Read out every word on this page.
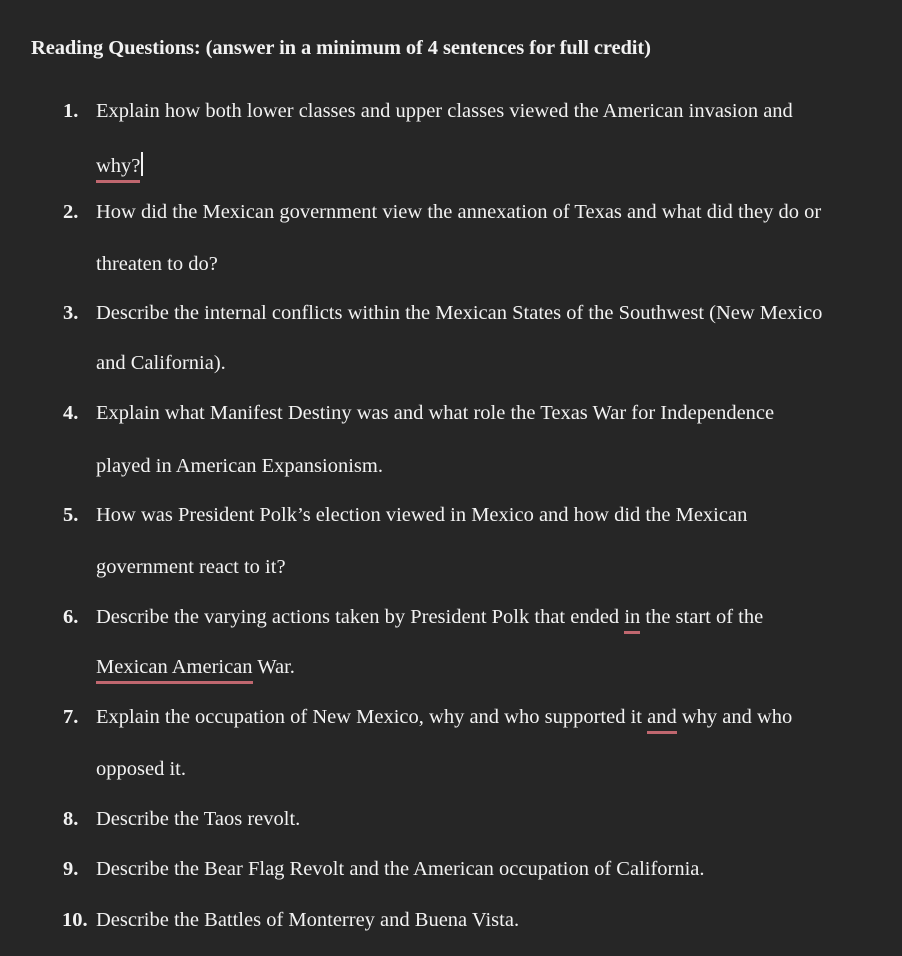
Reading Questions: (answer in a minimum of 4 sentences for full credit)
1. Explain how both lower classes and upper classes viewed the American invasion and
why?
2. How did the Mexican government view the annexation of Texas and what did they do or
threaten to do?
3. Describe the internal conflicts within the Mexican States of the Southwest (New Mexico
and California).
4. Explain what Manifest Destiny was and what role the Texas War for Independence
played in American Expansionism.
5. How was President Polk’s election viewed in Mexico and how did the Mexican
government react to it?
6. Describe the varying actions taken by President Polk that ended in the start of the
Mexican American War.
7. Explain the occupation of New Mexico, why and who supported it and why and who
opposed it.
8. Describe the Taos revolt.
9. Describe the Bear Flag Revolt and the American occupation of California.
10. Describe the Battles of Monterrey and Buena Vista.
